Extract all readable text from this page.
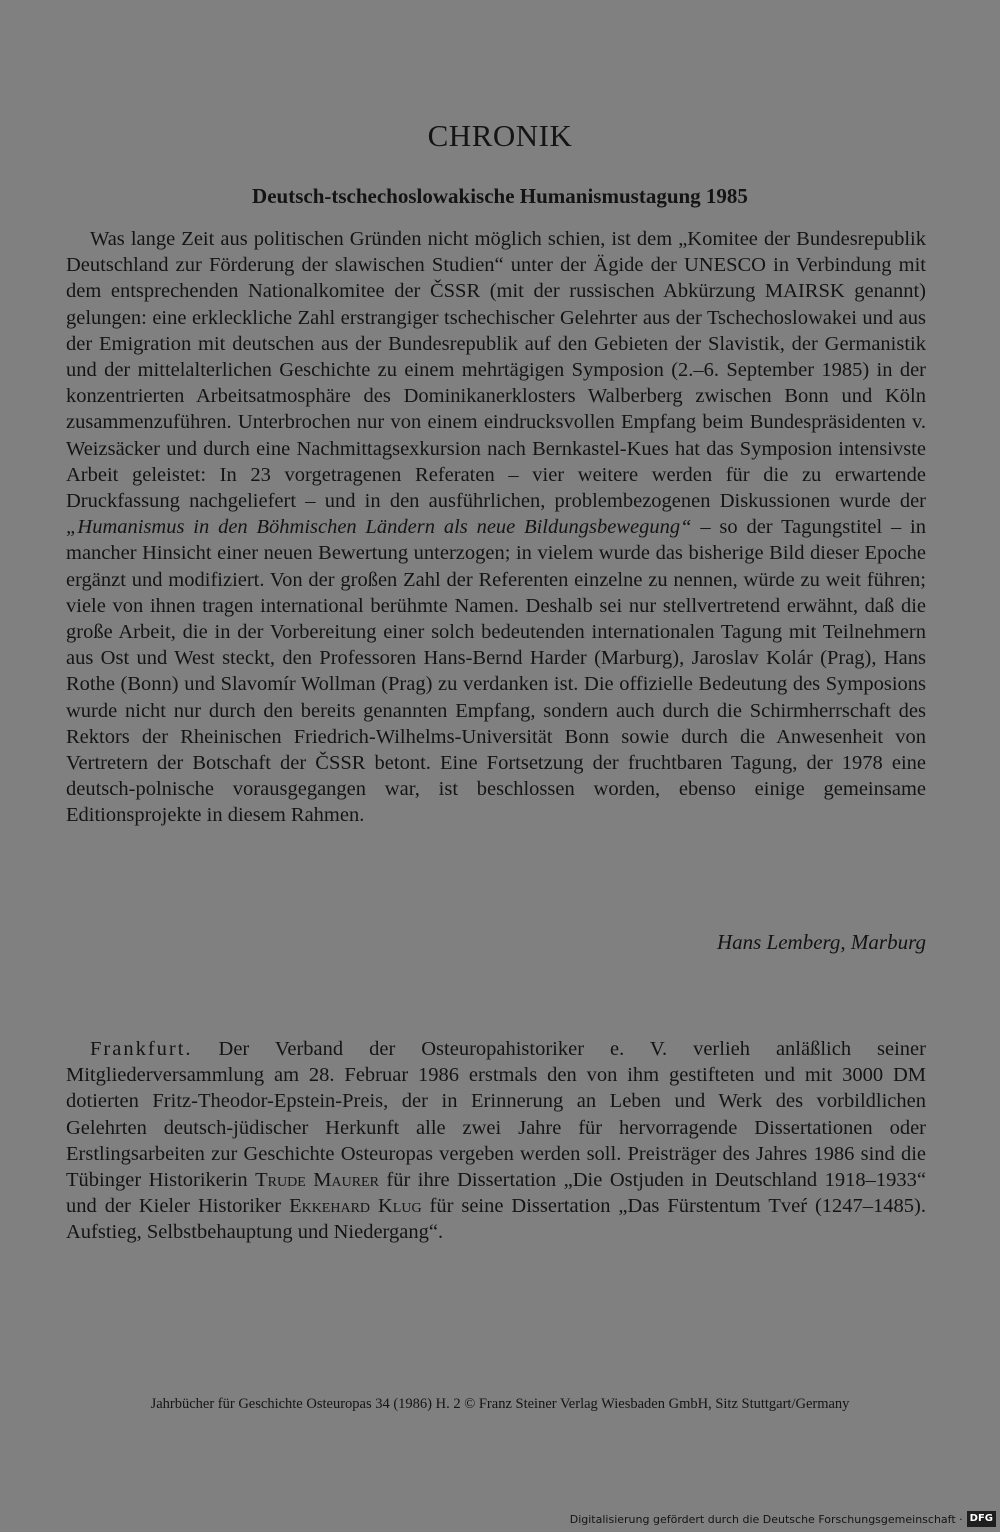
CHRONIK
Deutsch-tschechoslowakische Humanismustagung 1985

Was lange Zeit aus politischen Gründen nicht möglich schien, ist dem „Komitee der Bundesrepublik Deutschland zur Förderung der slawischen Studien“ unter der Ägide der UNESCO in Verbindung mit dem entsprechenden Nationalkomitee der ČSSR (mit der russischen Abkürzung MAIRSK genannt) gelungen: eine erkleckliche Zahl erstrangiger tschechischer Gelehrter aus der Tschechoslowakei und aus der Emigration mit deutschen aus der Bundesrepublik auf den Gebieten der Slavistik, der Germanistik und der mittelalterlichen Geschichte zu einem mehrtägigen Symposion (2.–6. September 1985) in der konzentrierten Arbeitsatmosphäre des Dominikanerklosters Walberberg zwischen Bonn und Köln zusammenzuführen. Unterbrochen nur von einem eindrucksvollen Empfang beim Bundespräsidenten v. Weizsäcker und durch eine Nachmittagsexkursion nach Bernkastel-Kues hat das Symposion intensivste Arbeit geleistet: In 23 vorgetragenen Referaten – vier weitere werden für die zu erwartende Druckfassung nachgeliefert – und in den ausführlichen, problembezogenen Diskussionen wurde der „Humanismus in den Böhmischen Ländern als neue Bildungsbewegung“ – so der Tagungstitel – in mancher Hinsicht einer neuen Bewertung unterzogen; in vielem wurde das bisherige Bild dieser Epoche ergänzt und modifiziert. Von der großen Zahl der Referenten einzelne zu nennen, würde zu weit führen; viele von ihnen tragen international berühmte Namen. Deshalb sei nur stellvertretend erwähnt, daß die große Arbeit, die in der Vorbereitung einer solch bedeutenden internationalen Tagung mit Teilnehmern aus Ost und West steckt, den Professoren Hans-Bernd Harder (Marburg), Jaroslav Kolár (Prag), Hans Rothe (Bonn) und Slavomír Wollman (Prag) zu verdanken ist. Die offizielle Bedeutung des Symposions wurde nicht nur durch den bereits genannten Empfang, sondern auch durch die Schirmherrschaft des Rektors der Rheinischen Friedrich-Wilhelms-Universität Bonn sowie durch die Anwesenheit von Vertretern der Botschaft der ČSSR betont. Eine Fortsetzung der fruchtbaren Tagung, der 1978 eine deutsch-polnische vorausgegangen war, ist beschlossen worden, ebenso einige gemeinsame Editionsprojekte in diesem Rahmen.

Hans Lemberg, Marburg

Frankfurt. Der Verband der Osteuropahistoriker e. V. verlieh anläßlich seiner Mitgliederversammlung am 28. Februar 1986 erstmals den von ihm gestifteten und mit 3000 DM dotierten Fritz-Theodor-Epstein-Preis, der in Erinnerung an Leben und Werk des vorbildlichen Gelehrten deutsch-jüdischer Herkunft alle zwei Jahre für hervorragende Dissertationen oder Erstlingsarbeiten zur Geschichte Osteuropas vergeben werden soll. Preisträger des Jahres 1986 sind die Tübinger Historikerin Trude Maurer für ihre Dissertation „Die Ostjuden in Deutschland 1918–1933“ und der Kieler Historiker Ekkehard Klug für seine Dissertation „Das Fürstentum Tveŕ (1247–1485). Aufstieg, Selbstbehauptung und Niedergang“.

Jahrbücher für Geschichte Osteuropas 34 (1986) H. 2 © Franz Steiner Verlag Wiesbaden GmbH, Sitz Stuttgart/Germany
Digitalisierung gefördert durch die Deutsche Forschungsgemeinschaft · DFG
